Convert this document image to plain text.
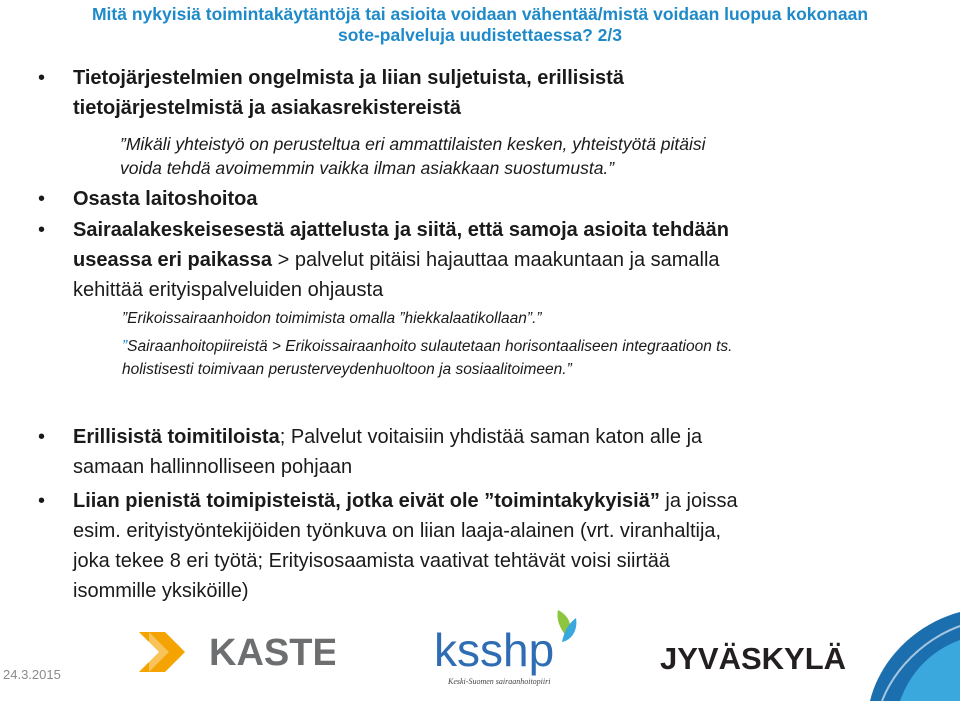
Mitä nykyisiä toimintakäytäntöjä tai asioita voidaan vähentää/mistä voidaan luopua kokonaan
sote-palveluja uudistettaessa? 2/3
•	Tietojärjestelmien ongelmista ja liian suljetuista, erillisistä
tietojärjestelmistä ja asiakasrekistereistä
”Mikäli yhteistyö on perusteltua eri ammattilaisten kesken, yhteistyötä pitäisi
voida tehdä avoimemmin vaikka ilman asiakkaan suostumusta.”
•	Osasta laitoshoitoa
•	Sairaalakeskeisesestä ajattelusta ja siitä, että samoja asioita tehdään
useassa eri paikassa > palvelut pitäisi hajauttaa maakuntaan ja samalla
kehittää erityispalveluiden ohjausta
”Erikoissairaanhoidon toimimista omalla ”hiekkalaatikollaan”.”
”Sairaanhoitopiireistä > Erikoissairaanhoito sulautetaan horisontaaliseen integraatioon ts.
holistisesti toimivaan perusterveydenhuoltoon ja sosiaalitoimeen.”
•	Erillisistä toimitiloista; Palvelut voitaisiin yhdistää saman katon alle ja
samaan hallinnolliseen pohjaan
•	Liian pienistä toimipisteistä, jotka eivät ole ”toimintakykyisiä” ja joissa
esim. erityistyöntekijöiden työnkuva on liian laaja-alainen (vrt. viranhaltija,
joka tekee 8 eri työtä; Erityisosaamista vaativat tehtävät voisi siirtää
isommille yksiköille)
24.3.2015
KASTE ksshp
Keski-Suomen sairaanhoitopiiri
JYVÄSKYLÄ
